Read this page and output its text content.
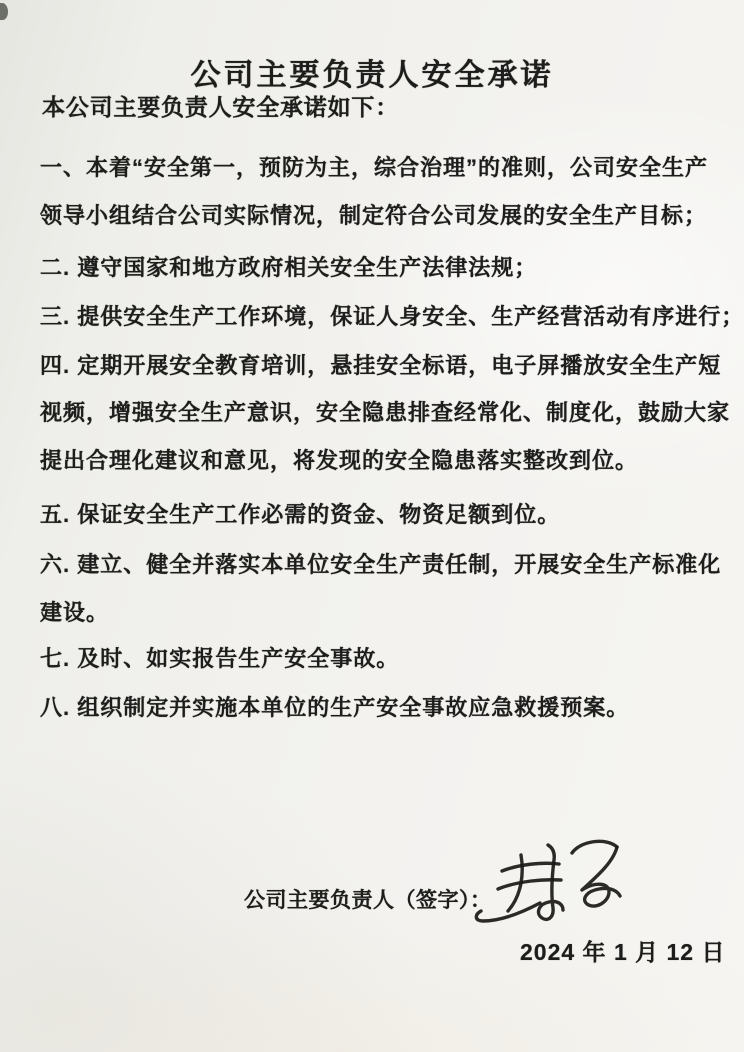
公司主要负责人安全承诺
本公司主要负责人安全承诺如下：
一、本着“安全第一，预防为主，综合治理”的准则，公司安全生产
领导小组结合公司实际情况，制定符合公司发展的安全生产目标；
二. 遵守国家和地方政府相关安全生产法律法规；
三. 提供安全生产工作环境，保证人身安全、生产经营活动有序进行；
四. 定期开展安全教育培训，悬挂安全标语，电子屏播放安全生产短
视频，增强安全生产意识，安全隐患排查经常化、制度化，鼓励大家
提出合理化建议和意见，将发现的安全隐患落实整改到位。
五. 保证安全生产工作必需的资金、物资足额到位。
六. 建立、健全并落实本单位安全生产责任制，开展安全生产标准化
建设。
七. 及时、如实报告生产安全事故。
八. 组织制定并实施本单位的生产安全事故应急救援预案。
公司主要负责人（签字）：
2024 年 1 月 12 日
